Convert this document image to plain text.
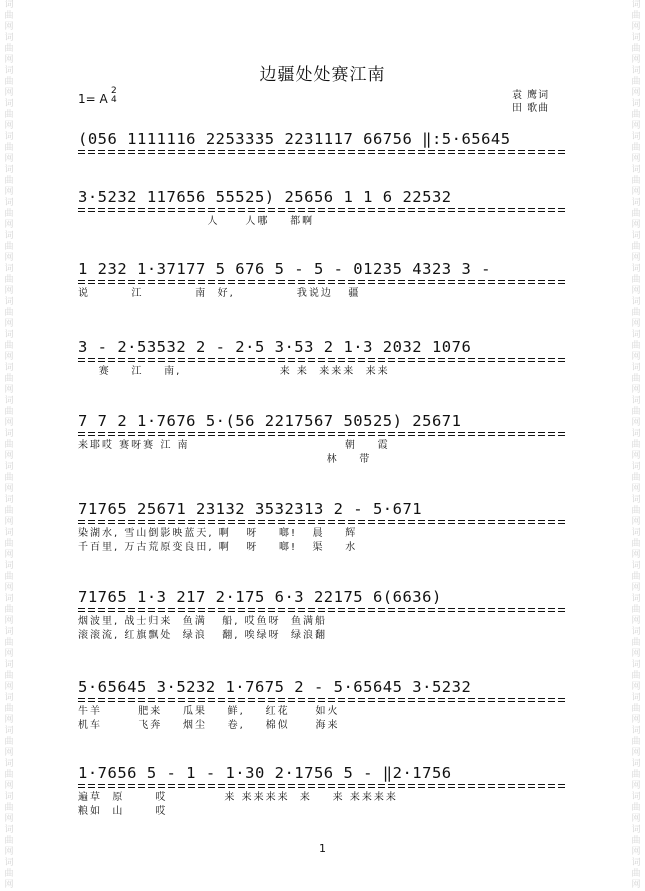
词曲网词曲网词曲网词曲网词曲网词曲网词曲网词曲网词曲网词曲网词曲网词曲网词曲网词曲网词曲网词曲网词曲网词曲网词曲网词曲网词曲网词曲网词曲网词曲网词曲网词曲网词曲网
词曲网词曲网词曲网词曲网词曲网词曲网词曲网词曲网词曲网词曲网词曲网词曲网词曲网词曲网词曲网词曲网词曲网词曲网词曲网词曲网词曲网词曲网词曲网词曲网词曲网词曲网词曲网
边疆处处赛江南
1= A
2
4	袁 鹰词
田 歌曲
(056 1111116 2253335 2231117 66756 ‖:5·65645
3·5232 117656 55525) 25656 1 1 6 22532
人     人哪    都啊
1 232 1·37177 5 676 5 - 5 - 01235 4323 3 -
说        江          南  好,            我说边   疆
3 - 2·53532 2 - 2·5 3·53 2 1·3 2032 1076
赛    江    南,                   来 来  来来来  来来
7 7 2 1·7676 5·(56 2217567 50525) 25671
来耶哎 赛呀赛 江 南                              朝    霞
林    带
71765 25671 23132 3532313 2 - 5·671
染湖水, 雪山倒影映蓝天, 啊   呀    啷!   晨    辉
千百里, 万古荒原变良田, 啊   呀    啷!   渠    水
71765 1·3 217 2·175 6·3 22175 6(6636)
烟波里, 战士归来  鱼满   船, 哎鱼呀  鱼满船
滚滚流, 红旗飘处  绿浪   翻, 唉绿呀  绿浪翻
5·65645 3·5232 1·7675 2 - 5·65645 3·5232
牛羊       肥来    瓜果    鲜,    红花     如火
机车       飞奔    烟尘    卷,    棉似     海来
1·7656 5 - 1 - 1·30 2·1756 5 - ‖2·1756
遍草  原      哎           来 来来来来  来    来 来来来来
粮如  山      哎
1
